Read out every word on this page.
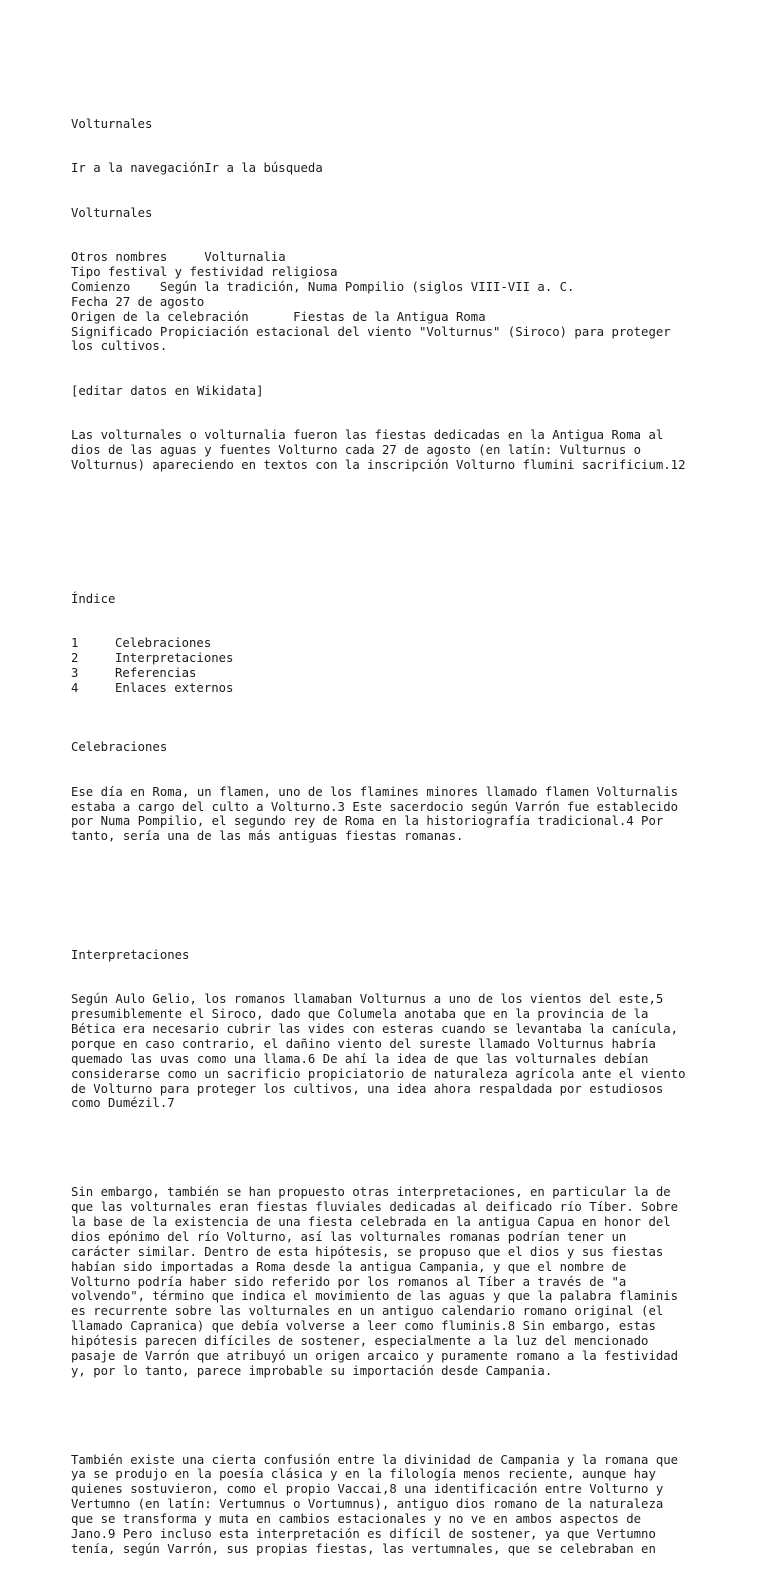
Volturnales

Ir a la navegaciónIr a la búsqueda

Volturnales

Otros nombres     Volturnalia
Tipo festival y festividad religiosa
Comienzo    Según la tradición, Numa Pompilio (siglos VIII-VII a. C.
Fecha 27 de agosto
Origen de la celebración      Fiestas de la Antigua Roma
Significado Propiciación estacional del viento "Volturnus" (Siroco) para proteger
los cultivos.

[editar datos en Wikidata]

Las volturnales o volturnalia fueron las fiestas dedicadas en la Antigua Roma al
dios de las aguas y fuentes Volturno cada 27 de agosto (en latín: Vulturnus o
Volturnus) apareciendo en textos con la inscripción Volturno flumini sacrificium.12

Índice

1	Celebraciones
2	Interpretaciones
3	Referencias
4	Enlaces externos

Celebraciones

Ese día en Roma, un flamen, uno de los flamines minores llamado flamen Volturnalis
estaba a cargo del culto a Volturno.3 Este sacerdocio según Varrón fue establecido
por Numa Pompilio, el segundo rey de Roma en la historiografía tradicional.4 Por
tanto, sería una de las más antiguas fiestas romanas.

Interpretaciones

Según Aulo Gelio, los romanos llamaban Volturnus a uno de los vientos del este,5
presumiblemente el Siroco, dado que Columela anotaba que en la provincia de la
Bética era necesario cubrir las vides con esteras cuando se levantaba la canícula,
porque en caso contrario, el dañino viento del sureste llamado Volturnus habría
quemado las uvas como una llama.6 De ahí la idea de que las volturnales debían
considerarse como un sacrificio propiciatorio de naturaleza agrícola ante el viento
de Volturno para proteger los cultivos, una idea ahora respaldada por estudiosos
como Dumézil.7

Sin embargo, también se han propuesto otras interpretaciones, en particular la de
que las volturnales eran fiestas fluviales dedicadas al deificado río Tíber. Sobre
la base de la existencia de una fiesta celebrada en la antigua Capua en honor del
dios epónimo del río Volturno, así las volturnales romanas podrían tener un
carácter similar. Dentro de esta hipótesis, se propuso que el dios y sus fiestas
habían sido importadas a Roma desde la antigua Campania, y que el nombre de
Volturno podría haber sido referido por los romanos al Tíber a través de "a
volvendo", término que indica el movimiento de las aguas y que la palabra flaminis
es recurrente sobre las volturnales en un antiguo calendario romano original (el
llamado Capranica) que debía volverse a leer como fluminis.8 Sin embargo, estas
hipótesis parecen difíciles de sostener, especialmente a la luz del mencionado
pasaje de Varrón que atribuyó un origen arcaico y puramente romano a la festividad
y, por lo tanto, parece improbable su importación desde Campania.

También existe una cierta confusión entre la divinidad de Campania y la romana que
ya se produjo en la poesía clásica y en la filología menos reciente, aunque hay
quienes sostuvieron, como el propio Vaccai,8 una identificación entre Volturno y
Vertumno (en latín: Vertumnus o Vortumnus), antiguo dios romano de la naturaleza
que se transforma y muta en cambios estacionales y no ve en ambos aspectos de
Jano.9 Pero incluso esta interpretación es difícil de sostener, ya que Vertumno
tenía, según Varrón, sus propias fiestas, las vertumnales, que se celebraban en
